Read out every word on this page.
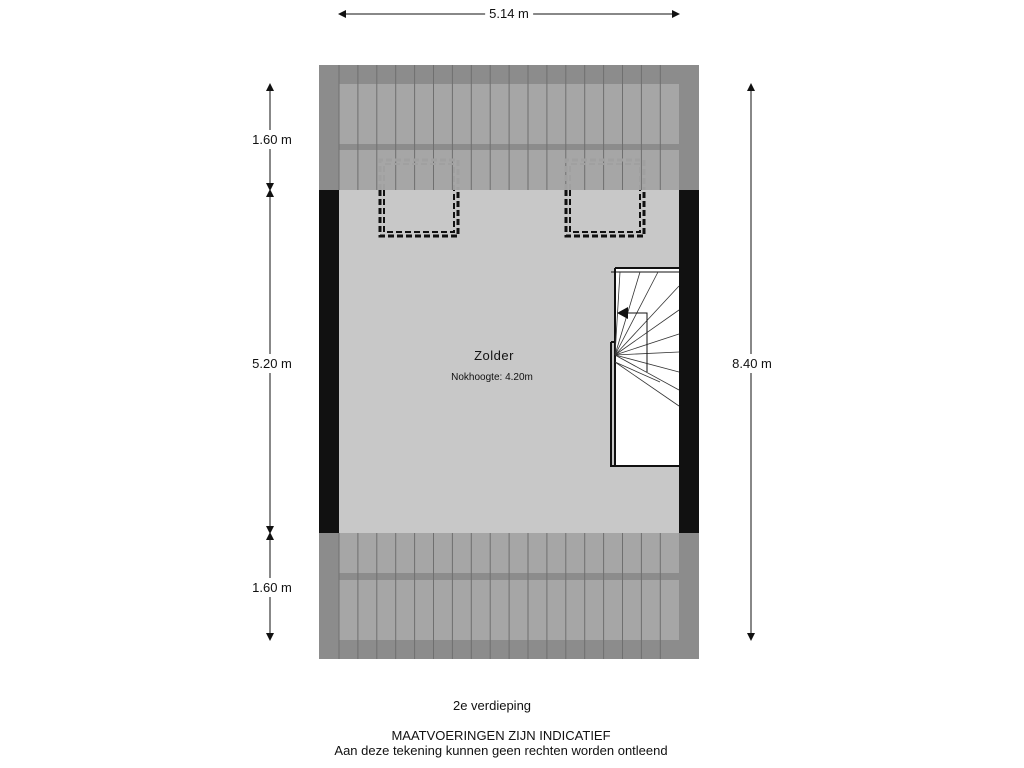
5.14 m
1.60 m
5.20 m
1.60 m
8.40 m
Zolder
Nokhoogte: 4.20m
2e verdieping
MAATVOERINGEN ZIJN INDICATIEF
Aan deze tekening kunnen geen rechten worden ontleend
